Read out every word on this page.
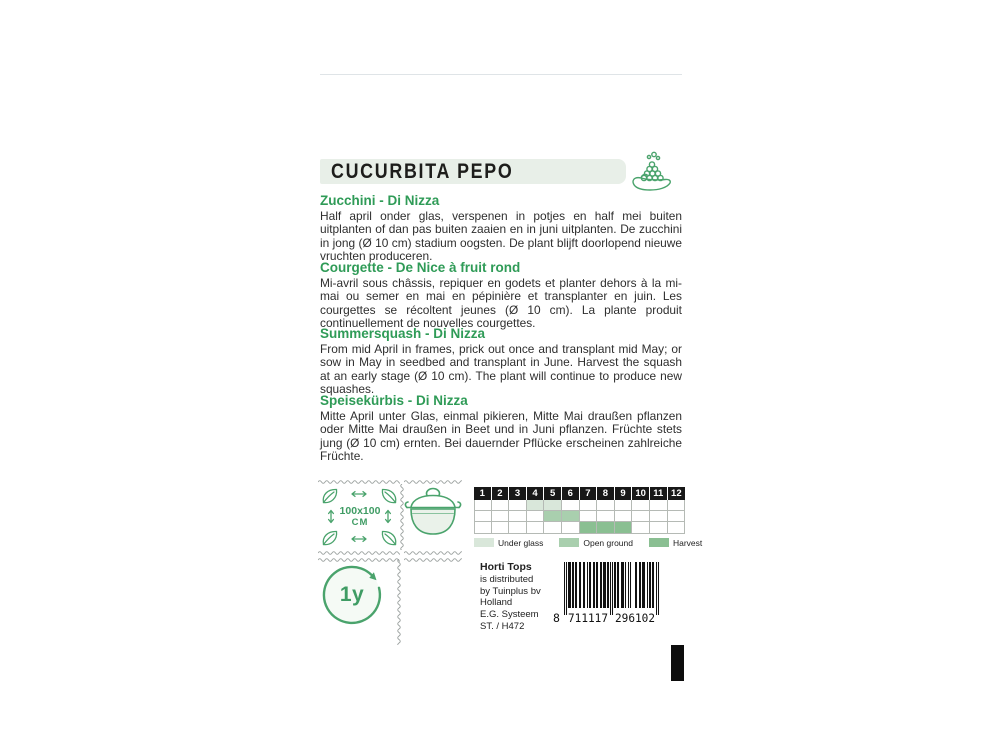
CUCURBITA PEPO
Zucchini - Di Nizza

Half april onder glas, verspenen in potjes en half mei buiten uitplanten of dan pas buiten zaaien en in juni uitplanten. De zucchini in jong (Ø 10 cm) stadium oogsten. De plant blijft doorlopend nieuwe vruchten produceren.

Courgette - De Nice à fruit rond

Mi-avril sous châssis, repiquer en godets et planter dehors à la mi-mai ou semer en mai en pépinière et transplanter en juin. Les courgettes se récoltent jeunes (Ø 10 cm). La plante produit continuellement de nouvelles courgettes.

Summersquash - Di Nizza

From mid April in frames, prick out once and transplant mid May; or sow in May in seedbed and transplant in June. Harvest the squash at an early stage (Ø 10 cm). The plant will continue to produce new squashes.

Speisekürbis - Di Nizza

Mitte April unter Glas, einmal pikieren, Mitte Mai draußen pflanzen oder Mitte Mai draußen in Beet und in Juni pflanzen. Früchte stets jung (Ø 10 cm) ernten. Bei dauernder Pflücke erscheinen zahlreiche Früchte.

100x100
CM
1	2	3	4	5	6	7	8	9	10 11 12
Under glass	Open ground	Harvest
1y
Horti Tops
is distributed
by Tuinplus bv
Holland
E.G. Systeem
ST. / H472
8 711117 296102
